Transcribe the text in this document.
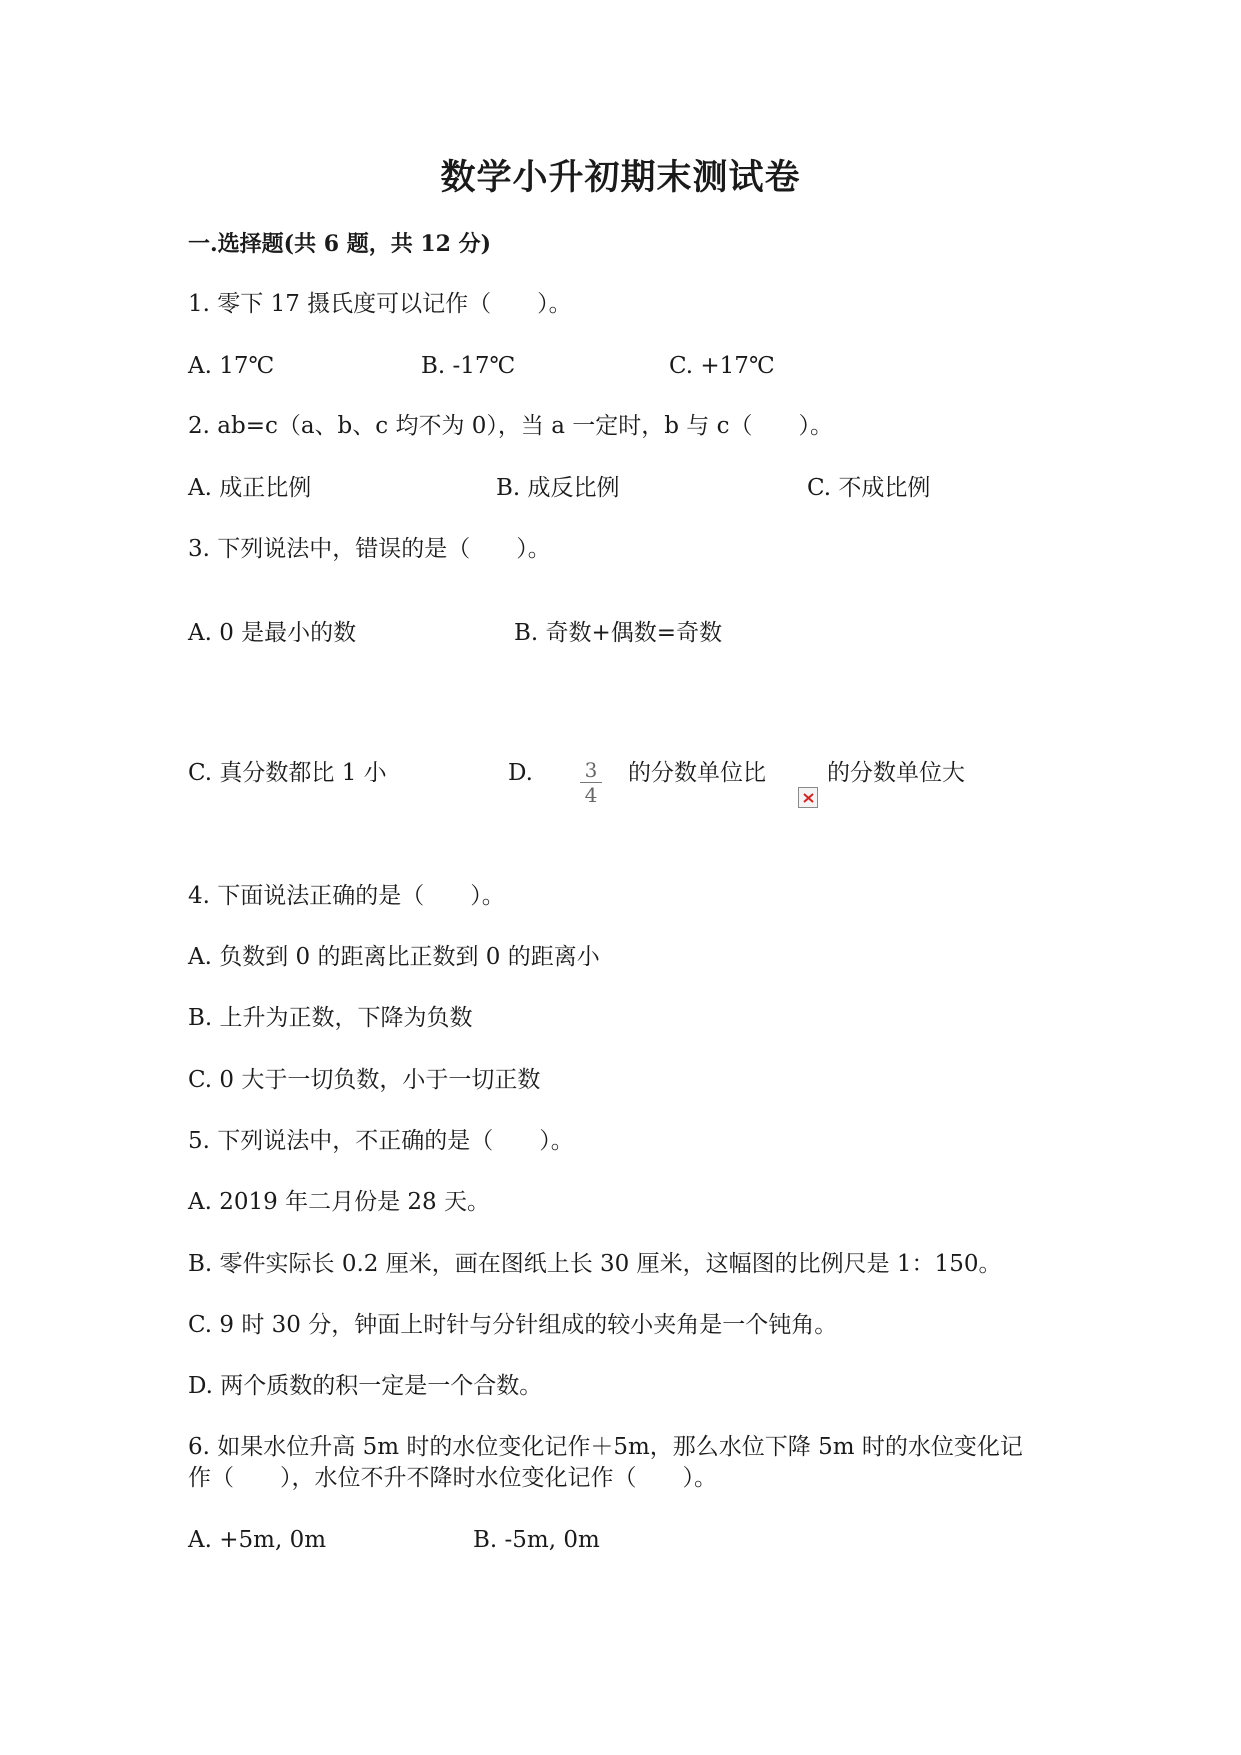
数学小升初期末测试卷
一.选择题(共 6 题，共 12 分)
1. 零下 17 摄氏度可以记作（　　）。
A. 17℃	B. -17℃	C. +17℃
2. ab=c（a、b、c 均不为 0），当 a 一定时，b 与 c（　　）。
A. 成正比例	B. 成反比例	C. 不成比例
3. 下列说法中，错误的是（　　）。
A. 0 是最小的数	B. 奇数+偶数=奇数
C. 真分数都比 1 小	D.	3
4
的分数单位比	的分数单位大
4. 下面说法正确的是（　　）。
A. 负数到 0 的距离比正数到 0 的距离小
B. 上升为正数，下降为负数
C. 0 大于一切负数，小于一切正数
5. 下列说法中，不正确的是（　　）。
A. 2019 年二月份是 28 天。
B. 零件实际长 0.2 厘米，画在图纸上长 30 厘米，这幅图的比例尺是 1：150。
C. 9 时 30 分，钟面上时针与分针组成的较小夹角是一个钝角。
D. 两个质数的积一定是一个合数。
6. 如果水位升高 5m 时的水位变化记作＋5m，那么水位下降 5m 时的水位变化记
作（　　），水位不升不降时水位变化记作（　　）。
A. +5m, 0m	B. -5m, 0m
